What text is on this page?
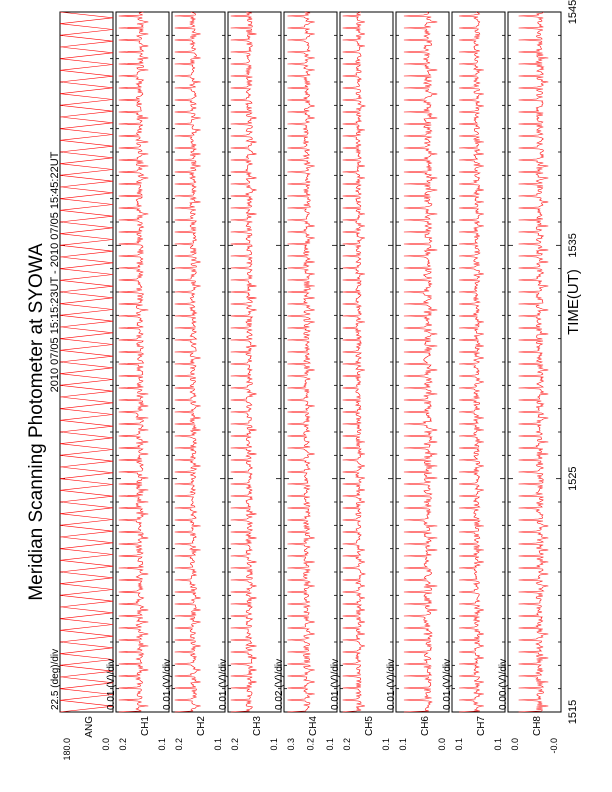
Meridian Scanning Photometer at SYOWA 2010 07/05 15:15:23UT - 2010 07/05 15:45:22UT	TIME(UT)
22.5 (deg)/div
ANG
180.0	0.0
0.01 (V)/div
CH1
0.2	0.1
0.01 (V)/div
CH2
0.2	0.1
0.01 (V)/div
CH3
0.2	0.1
0.02 (V)/div
CH4
0.3 0.2 0.1
0.01 (V)/div
CH5
0.2	0.1
0.01 (V)/div
CH6
0.1	0.0
0.01 (V)/div
CH7
0.1	0.1
0.00 (V)/div
CH8
0.0	-0.0
1515
1525
1535
1545
